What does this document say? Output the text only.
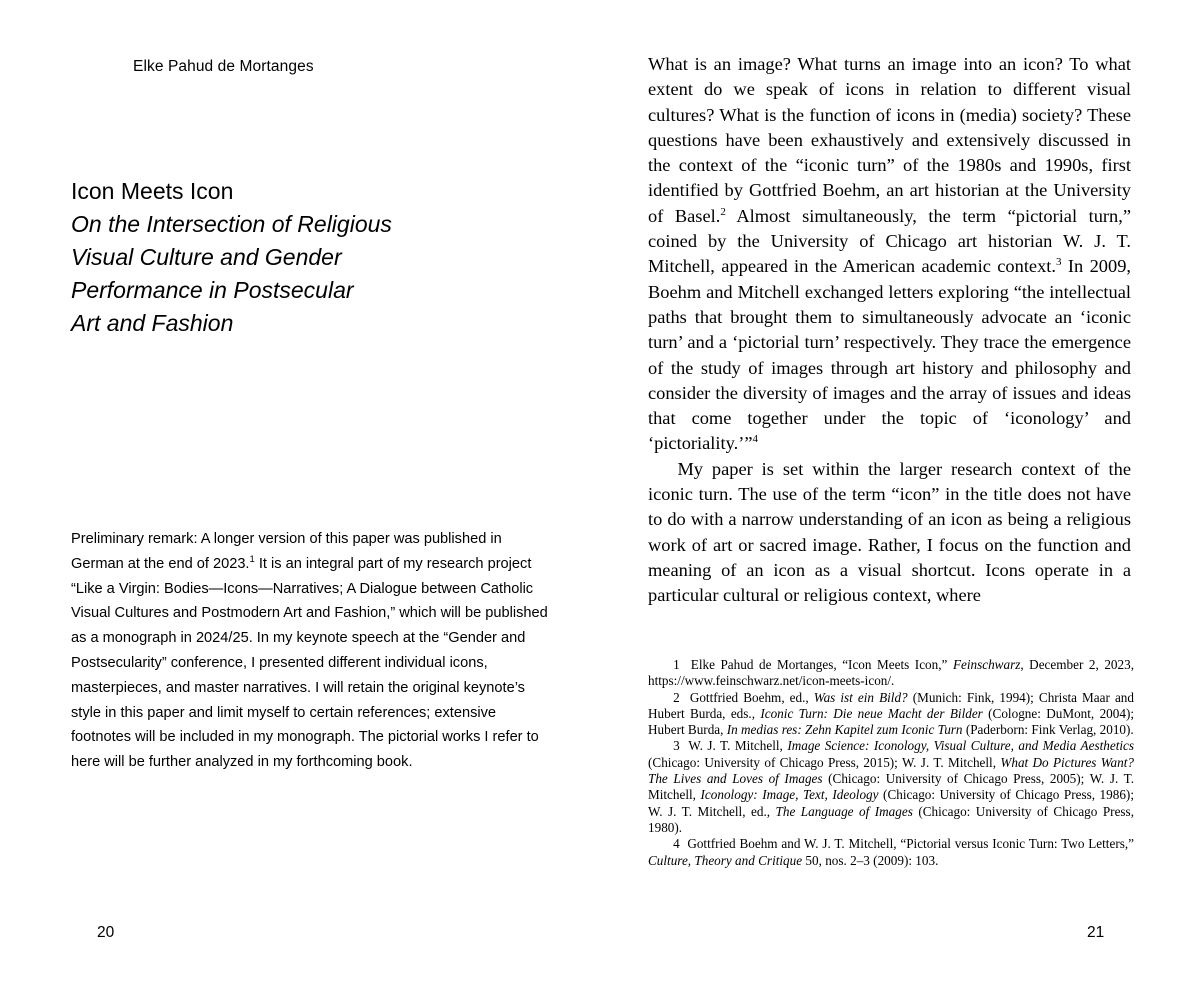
Elke Pahud de Mortanges
Icon Meets Icon
On the Intersection of Religious
Visual Culture and Gender
Performance in Postsecular
Art and Fashion
Preliminary remark: A longer version of this paper was published in German at the end of 2023.$^1$ It is an integral part of my research project “Like a Virgin: Bodies—Icons—Narratives; A Dialogue between Catholic Visual Cultures and Postmodern Art and Fashion,” which will be published as a monograph in 2024/25. In my keynote speech at the “Gender and Postsecularity” conference, I presented different individual icons, masterpieces, and master narratives. I will retain the original keynote’s style in this paper and limit myself to certain references; extensive footnotes will be included in my monograph. The pictorial works I refer to here will be further analyzed in my forthcoming book.
20

What is an image? What turns an image into an icon? To what extent do we speak of icons in relation to different visual cultures? What is the function of icons in (media) society? These questions have been exhaustively and extensively discussed in the context of the “iconic turn” of the 1980s and 1990s, first identified by Gottfried Boehm, an art historian at the University of Basel.$^2$ Almost simultaneously, the term “pictorial turn,” coined by the University of Chicago art historian W. J. T. Mitchell, appeared in the American academic context.$^3$ In 2009, Boehm and Mitchell exchanged letters exploring “the intellectual paths that brought them to simultaneously advocate an ‘iconic turn’ and a ‘pictorial turn’ respectively. They trace the emergence of the study of images through art history and philosophy and consider the diversity of images and the array of issues and ideas that come together under the topic of ‘iconology’ and ‘pictoriality.’”$^4$

My paper is set within the larger research context of the iconic turn. The use of the term “icon” in the title does not have to do with a narrow understanding of an icon as being a religious work of art or sacred image. Rather, I focus on the function and meaning of an icon as a visual shortcut. Icons operate in a particular cultural or religious context, where

1  Elke Pahud de Mortanges, “Icon Meets Icon,” Feinschwarz, December 2, 2023, https://www.feinschwarz.net/icon-meets-icon/.

2  Gottfried Boehm, ed., Was ist ein Bild? (Munich: Fink, 1994); Christa Maar and Hubert Burda, eds., Iconic Turn: Die neue Macht der Bilder (Cologne: DuMont, 2004); Hubert Burda, In medias res: Zehn Kapitel zum Iconic Turn (Paderborn: Fink Verlag, 2010).

3  W. J. T. Mitchell, Image Science: Iconology, Visual Culture, and Media Aesthetics (Chicago: University of Chicago Press, 2015); W. J. T. Mitchell, What Do Pictures Want? The Lives and Loves of Images (Chicago: University of Chicago Press, 2005); W. J. T. Mitchell, Iconology: Image, Text, Ideology (Chicago: University of Chicago Press, 1986); W. J. T. Mitchell, ed., The Language of Images (Chicago: University of Chicago Press, 1980).

4  Gottfried Boehm and W. J. T. Mitchell, “Pictorial versus Iconic Turn: Two Letters,” Culture, Theory and Critique 50, nos. 2–3 (2009): 103.

21
